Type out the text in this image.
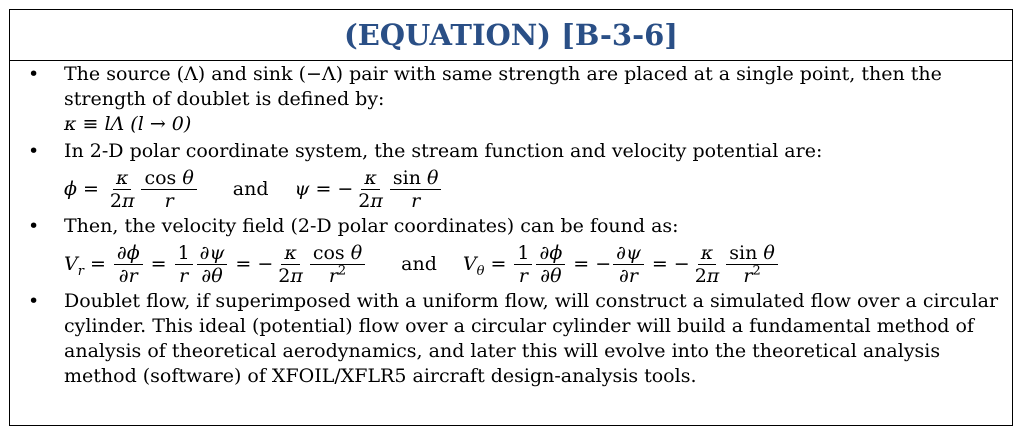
(EQUATION) [B-3-6]
• The source (Λ) and sink (−Λ) pair with same strength are placed at a single point, then the strength of doublet is defined by:
κ ≡ lΛ (l → 0)
• In 2-D polar coordinate system, the stream function and velocity potential are:
$\phi = \frac{\kappa}{2\pi} \frac{\text{cos θ}}{r}$ and ψ = − $\frac{\kappa}{2\pi} \frac{\text{sin θ}}{r}$
• Then, the velocity field (2-D polar coordinates) can be found as:
$V_r = \frac{\partial\phi}{\partial r} = \frac{1}{r} \frac{\partial\psi}{\partial\theta}$ = − $\frac{\kappa}{2\pi} \frac{\text{cos θ}}{r^2}$ and $V_\theta = \frac{1}{r} \frac{\partial\phi}{\partial\theta}$ = − $\frac{\partial\psi}{\partial r}$ = − $\frac{\kappa}{2\pi} \frac{\text{sin θ}}{r^2}$
• Doublet flow, if superimposed with a uniform flow, will construct a simulated flow over a circular cylinder. This ideal (potential) flow over a circular cylinder will build a fundamental method of analysis of theoretical aerodynamics, and later this will evolve into the theoretical analysis method (software) of XFOIL/XFLR5 aircraft design-analysis tools.
